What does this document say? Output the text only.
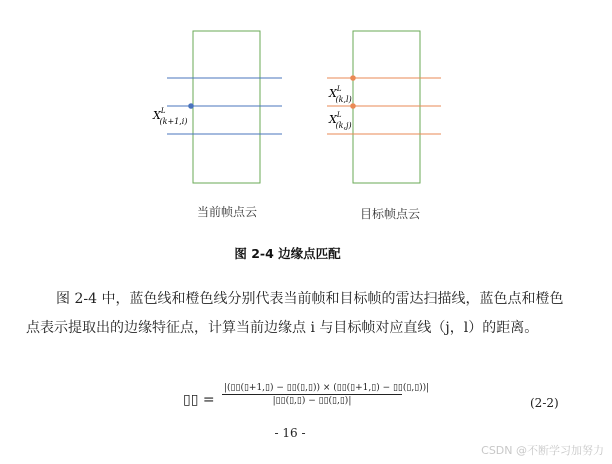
$X^L$ (k+1,i)
$X^L$ (k,l)
$X^L$ (k,j)
当前帧点云	目标帧点云
图 2-4 边缘点匹配
图 2-4 中，蓝色线和橙色线分别代表当前帧和目标帧的雷达扫描线，蓝色点和橙色点表示提取出的边缘特征点，计算当前边缘点 i 与目标帧对应直线（j，l）的距离。
▯▯ =
|(▯▯(▯+1,▯) − ▯▯(▯,▯)) × (▯▯(▯+1,▯) − ▯▯(▯,▯))|
|▯▯(▯,▯) − ▯▯(▯,▯)|	(2-2)
- 16 -
CSDN @不断学习加努力
